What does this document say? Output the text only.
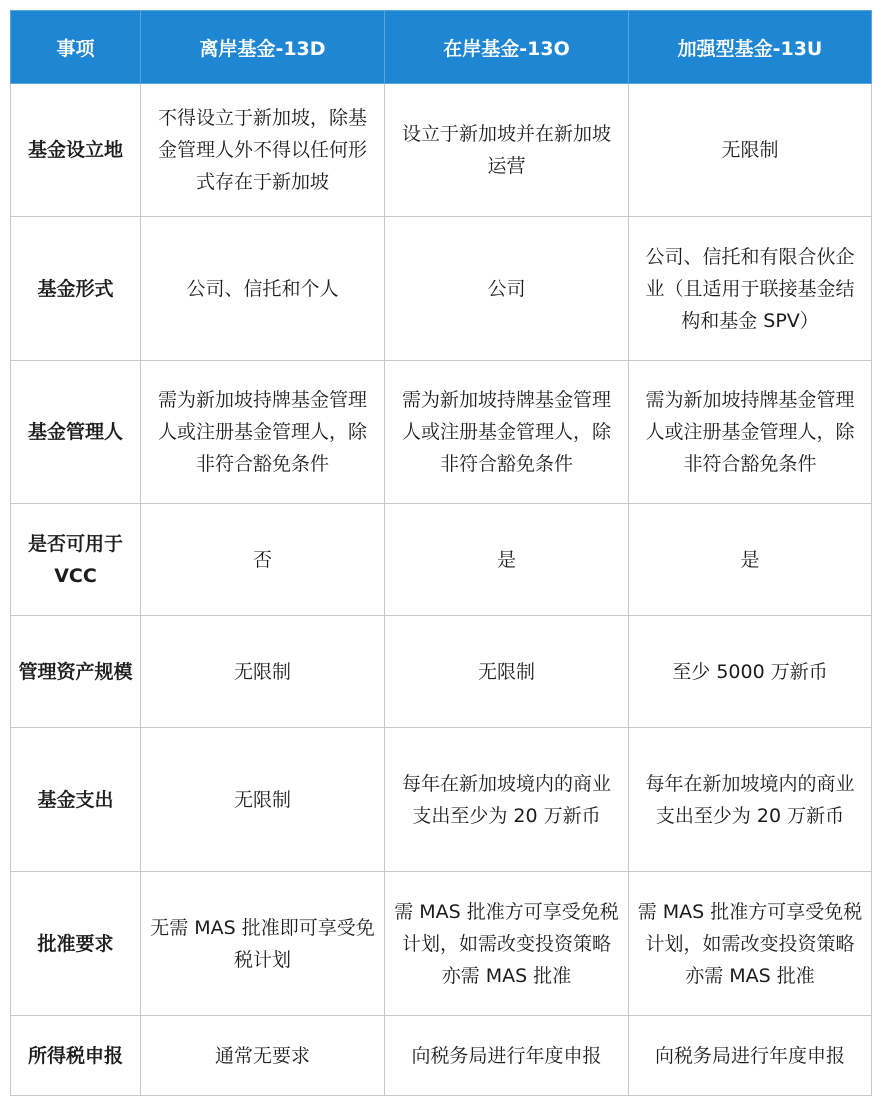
事项	离岸基金-13D	在岸基金-13O	加强型基金-13U
基金设立地	不得设立于新加坡，除基金管理人外不得以任何形式存在于新加坡	设立于新加坡并在新加坡运营	无限制
基金形式	公司、信托和个人	公司	公司、信托和有限合伙企业（且适用于联接基金结构和基金 SPV）
基金管理人	需为新加坡持牌基金管理人或注册基金管理人，除非符合豁免条件	需为新加坡持牌基金管理人或注册基金管理人，除非符合豁免条件	需为新加坡持牌基金管理人或注册基金管理人，除非符合豁免条件
是否可用于 VCC	否	是	是
管理资产规模	无限制	无限制	至少 5000 万新币
基金支出	无限制	每年在新加坡境内的商业支出至少为 20 万新币	每年在新加坡境内的商业支出至少为 20 万新币
批准要求	无需 MAS 批准即可享受免税计划	需 MAS 批准方可享受免税计划，如需改变投资策略亦需 MAS 批准	需 MAS 批准方可享受免税计划，如需改变投资策略亦需 MAS 批准
所得税申报	通常无要求	向税务局进行年度申报	向税务局进行年度申报
